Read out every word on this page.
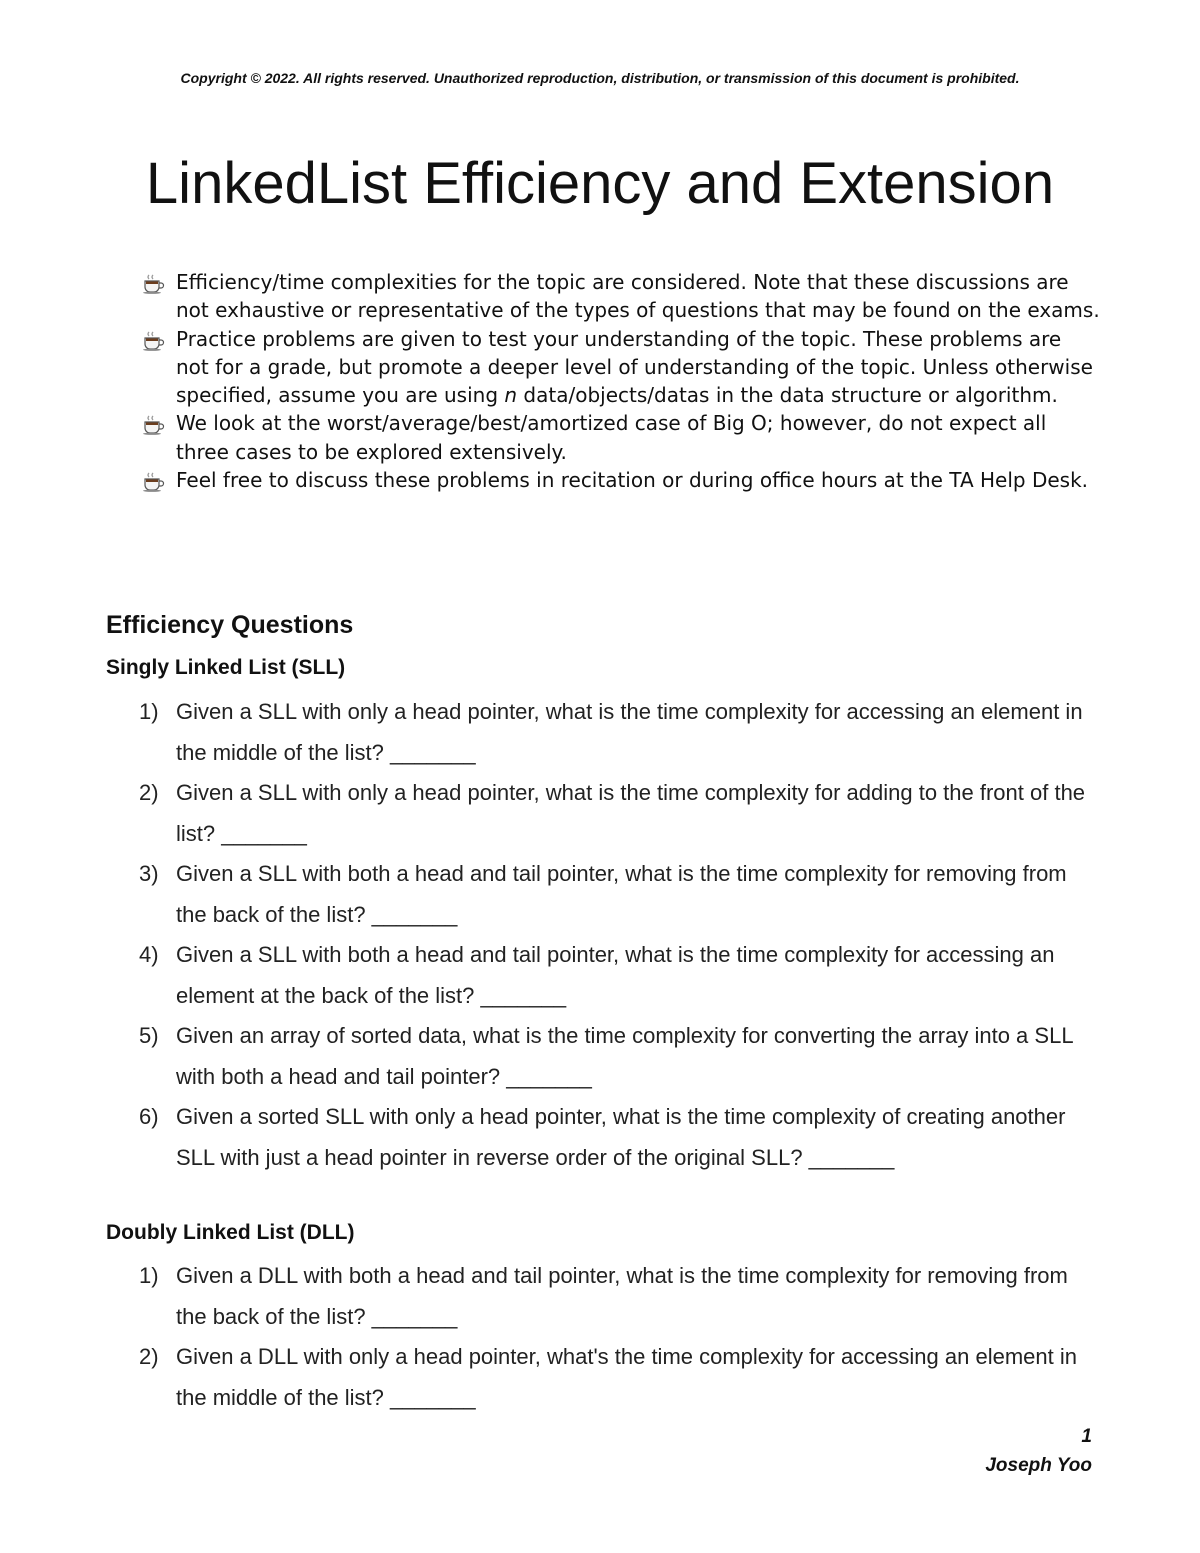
Copyright © 2022. All rights reserved. Unauthorized reproduction, distribution, or transmission of this document is prohibited.
LinkedList Efficiency and Extension
Efficiency/time complexities for the topic are considered. Note that these discussions are not exhaustive or representative of the types of questions that may be found on the exams.
Practice problems are given to test your understanding of the topic. These problems are not for a grade, but promote a deeper level of understanding of the topic. Unless otherwise specified, assume you are using n data/objects/datas in the data structure or algorithm.
We look at the worst/average/best/amortized case of Big O; however, do not expect all three cases to be explored extensively.
Feel free to discuss these problems in recitation or during office hours at the TA Help Desk.
Efficiency Questions
Singly Linked List (SLL)
1) Given a SLL with only a head pointer, what is the time complexity for accessing an element in the middle of the list? _______
2) Given a SLL with only a head pointer, what is the time complexity for adding to the front of the list? _______
3) Given a SLL with both a head and tail pointer, what is the time complexity for removing from the back of the list? _______
4) Given a SLL with both a head and tail pointer, what is the time complexity for accessing an element at the back of the list? _______
5) Given an array of sorted data, what is the time complexity for converting the array into a SLL with both a head and tail pointer? _______
6) Given a sorted SLL with only a head pointer, what is the time complexity of creating another SLL with just a head pointer in reverse order of the original SLL? _______
Doubly Linked List (DLL)
1) Given a DLL with both a head and tail pointer, what is the time complexity for removing from the back of the list? _______
2) Given a DLL with only a head pointer, what's the time complexity for accessing an element in the middle of the list? _______
1
Joseph Yoo
